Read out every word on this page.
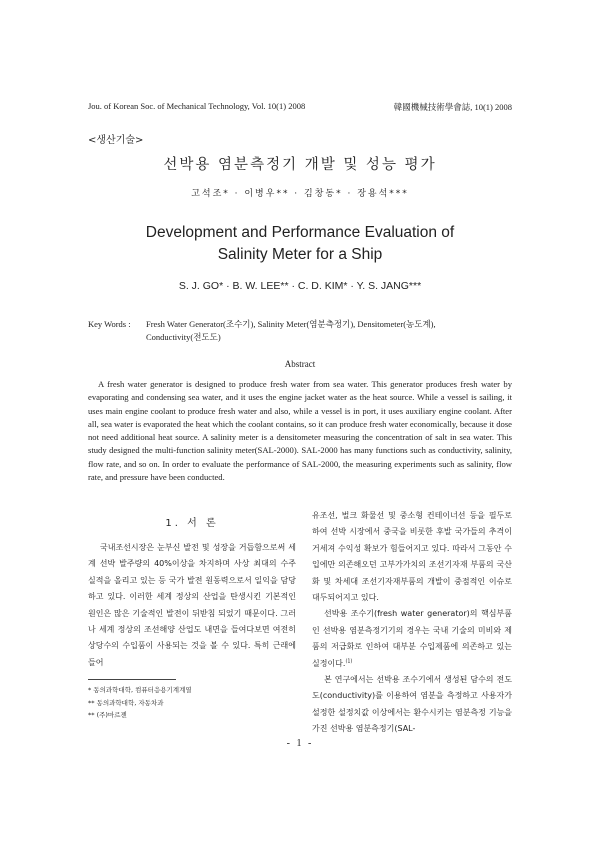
Jou. of Korean Soc. of Mechanical Technology, Vol. 10(1) 2008	韓國機械技術學會誌, 10(1) 2008
<생산기술>
선박용 염분측정기 개발 및 성능 평가
고석조* · 이병우** · 김창동* · 장용석***
Development and Performance Evaluation of
Salinity Meter for a Ship
S. J. GO* · B. W. LEE** · C. D. KIM* · Y. S. JANG***
Key Words : Fresh Water Generator(조수기), Salinity Meter(염분측정기), Densitometer(농도계),
Conductivity(전도도)
Abstract
A fresh water generator is designed to produce fresh water from sea water. This generator produces fresh water by evaporating and condensing sea water, and it uses the engine jacket water as the heat source. While a vessel is sailing, it uses main engine coolant to produce fresh water and also, while a vessel is in port, it uses auxiliary engine coolant. After all, sea water is evaporated the heat which the coolant contains, so it can produce fresh water economically, because it dose not need additional heat source. A salinity meter is a densitometer measuring the concentration of salt in sea water. This study designed the multi-function salinity meter(SAL-2000). SAL-2000 has many functions such as conductivity, salinity, flow rate, and so on. In order to evaluate the performance of SAL-2000, the measuring experiments such as salinity, flow rate, and pressure have been conducted.
1. 서 론

국내조선시장은 눈부신 발전 및 성장을 거듭함으로써 세계 선박 발주량의 40%이상을 차지하며 사상 최대의 수주 실적을 올리고 있는 등 국가 발전 원동력으로서 일익을 담당하고 있다. 이러한 세계 정상의 산업을 탄생시킨 기본적인 원인은 많은 기술적인 발전이 뒤받침 되었기 때문이다. 그러나 세계 정상의 조선해양 산업도 내면을 들여다보면 여전히 상당수의 수입품이 사용되는 것을 볼 수 있다. 특히 근래에 들어

유조선, 벌크 화물선 및 중소형 컨테이너선 등을 필두로 하여 선박 시장에서 중국을 비롯한 후발 국가들의 추격이 거세져 수익성 확보가 힘들어지고 있다. 따라서 그동안 수입에만 의존해오던 고부가가치의 조선기자재 부품의 국산화 및 차세대 조선기자재부품의 개발이 중점적인 이슈로 대두되어지고 있다.

선박용 조수기(fresh water generator)의 핵심부품인 선박용 염분측정기기의 경우는 국내 기술의 미비와 제품의 저급화로 인하여 대부분 수입제품에 의존하고 있는 실정이다.$^{(1)}$

본 연구에서는 선박용 조수기에서 생성된 담수의 전도도(conductivity)를 이용하여 염분을 측정하고 사용자가 설정한 설정치값 이상에서는 환수시키는 염분측정 기능을 가진 선박용 염분측정기(SAL-

* 동의과학대학, 컴퓨터응용기계계열
** 동의과학대학, 자동차과
** (주)마르젠
- 1 -
